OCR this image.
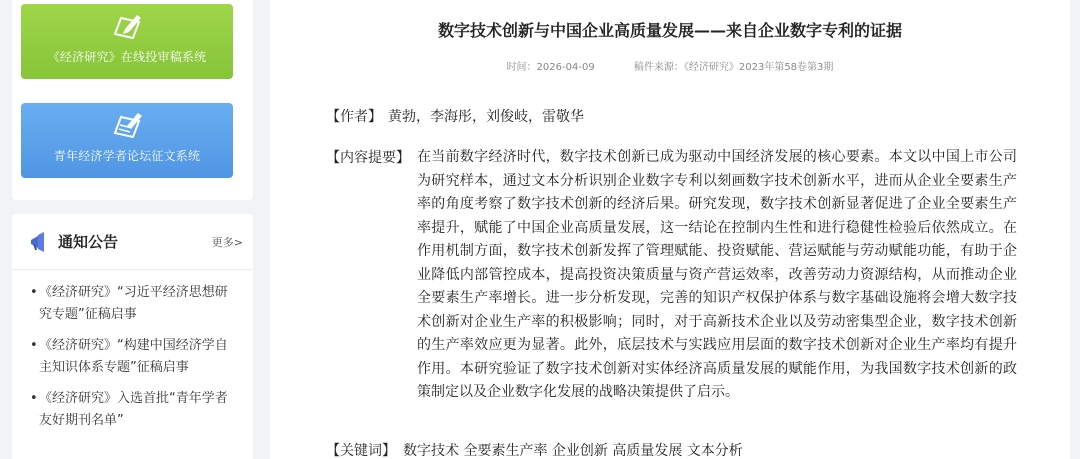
《经济研究》在线投审稿系统
青年经济学者论坛征文系统
通知公告	更多>
• 《经济研究》“习近平经济思想研究专题”征稿启事
• 《经济研究》“构建中国经济学自主知识体系专题”征稿启事
• 《经济研究》入选首批“青年学者友好期刊名单”
数字技术创新与中国企业高质量发展——来自企业数字专利的证据
时间：2026-04-09	稿件来源：《经济研究》2023年第58卷第3期
【作者】 黄勃，李海彤，刘俊岐，雷敬华
【内容提要】 在当前数字经济时代，数字技术创新已成为驱动中国经济发展的核心要素。本文以中国上市公司为研究样本，通过文本分析识别企业数字专利以刻画数字技术创新水平，进而从企业全要素生产率的角度考察了数字技术创新的经济后果。研究发现，数字技术创新显著促进了企业全要素生产率提升，赋能了中国企业高质量发展，这一结论在控制内生性和进行稳健性检验后依然成立。在作用机制方面，数字技术创新发挥了管理赋能、投资赋能、营运赋能与劳动赋能功能，有助于企业降低内部管控成本，提高投资决策质量与资产营运效率，改善劳动力资源结构，从而推动企业全要素生产率增长。进一步分析发现，完善的知识产权保护体系与数字基础设施将会增大数字技术创新对企业生产率的积极影响；同时，对于高新技术企业以及劳动密集型企业，数字技术创新的生产率效应更为显著。此外，底层技术与实践应用层面的数字技术创新对企业生产率均有提升作用。本研究验证了数字技术创新对实体经济高质量发展的赋能作用，为我国数字技术创新的政策制定以及企业数字化发展的战略决策提供了启示。
【关键词】 数字技术 全要素生产率 企业创新 高质量发展 文本分析
